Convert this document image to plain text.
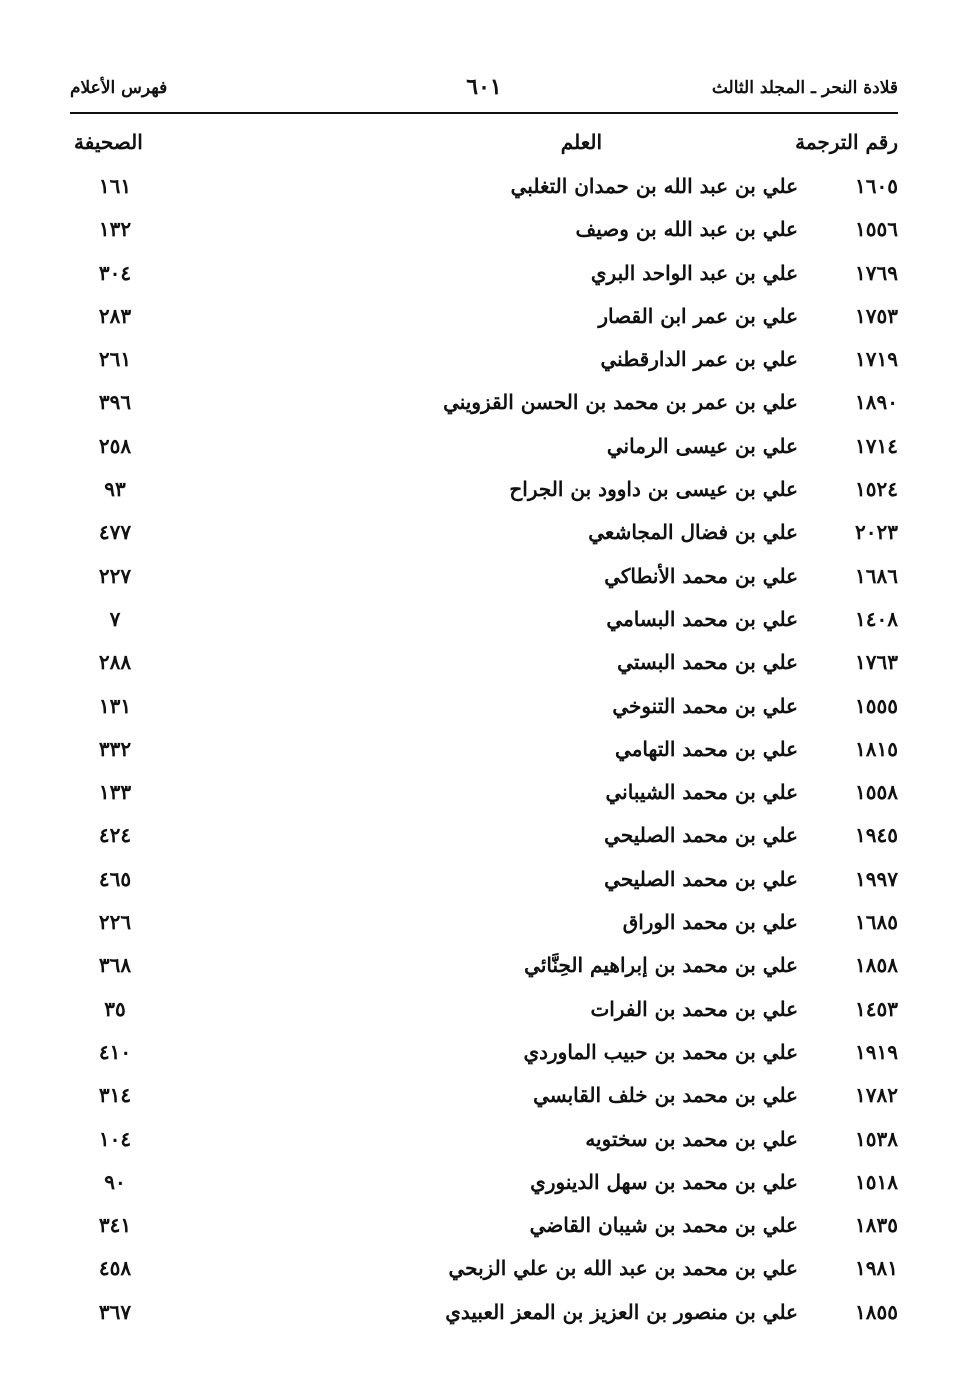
قلادة النحر ـ المجلد الثالث
٦٠١
فهرس الأعلام
رقم الترجمة
العلم
الصحيفة
١٦٠٥
علي بن عبد الله بن حمدان التغلبي
١٦١
١٥٥٦
علي بن عبد الله بن وصيف
١٣٢
١٧٦٩
علي بن عبد الواحد البري
٣٠٤
١٧٥٣
علي بن عمر ابن القصار
٢٨٣
١٧١٩
علي بن عمر الدارقطني
٢٦١
١٨٩٠
علي بن عمر بن محمد بن الحسن القزويني
٣٩٦
١٧١٤
علي بن عيسى الرماني
٢٥٨
١٥٢٤
علي بن عيسى بن داوود بن الجراح
٩٣
٢٠٢٣
علي بن فضال المجاشعي
٤٧٧
١٦٨٦
علي بن محمد الأنطاكي
٢٢٧
١٤٠٨
علي بن محمد البسامي
٧
١٧٦٣
علي بن محمد البستي
٢٨٨
١٥٥٥
علي بن محمد التنوخي
١٣١
١٨١٥
علي بن محمد التهامي
٣٣٢
١٥٥٨
علي بن محمد الشيباني
١٣٣
١٩٤٥
علي بن محمد الصليحي
٤٢٤
١٩٩٧
علي بن محمد الصليحي
٤٦٥
١٦٨٥
علي بن محمد الوراق
٢٢٦
١٨٥٨
علي بن محمد بن إبراهيم الحِنَّائي
٣٦٨
١٤٥٣
علي بن محمد بن الفرات
٣٥
١٩١٩
علي بن محمد بن حبيب الماوردي
٤١٠
١٧٨٢
علي بن محمد بن خلف القابسي
٣١٤
١٥٣٨
علي بن محمد بن سختويه
١٠٤
١٥١٨
علي بن محمد بن سهل الدينوري
٩٠
١٨٣٥
علي بن محمد بن شيبان القاضي
٣٤١
١٩٨١
علي بن محمد بن عبد الله بن علي الزبحي
٤٥٨
١٨٥٥
علي بن منصور بن العزيز بن المعز العبيدي
٣٦٧
